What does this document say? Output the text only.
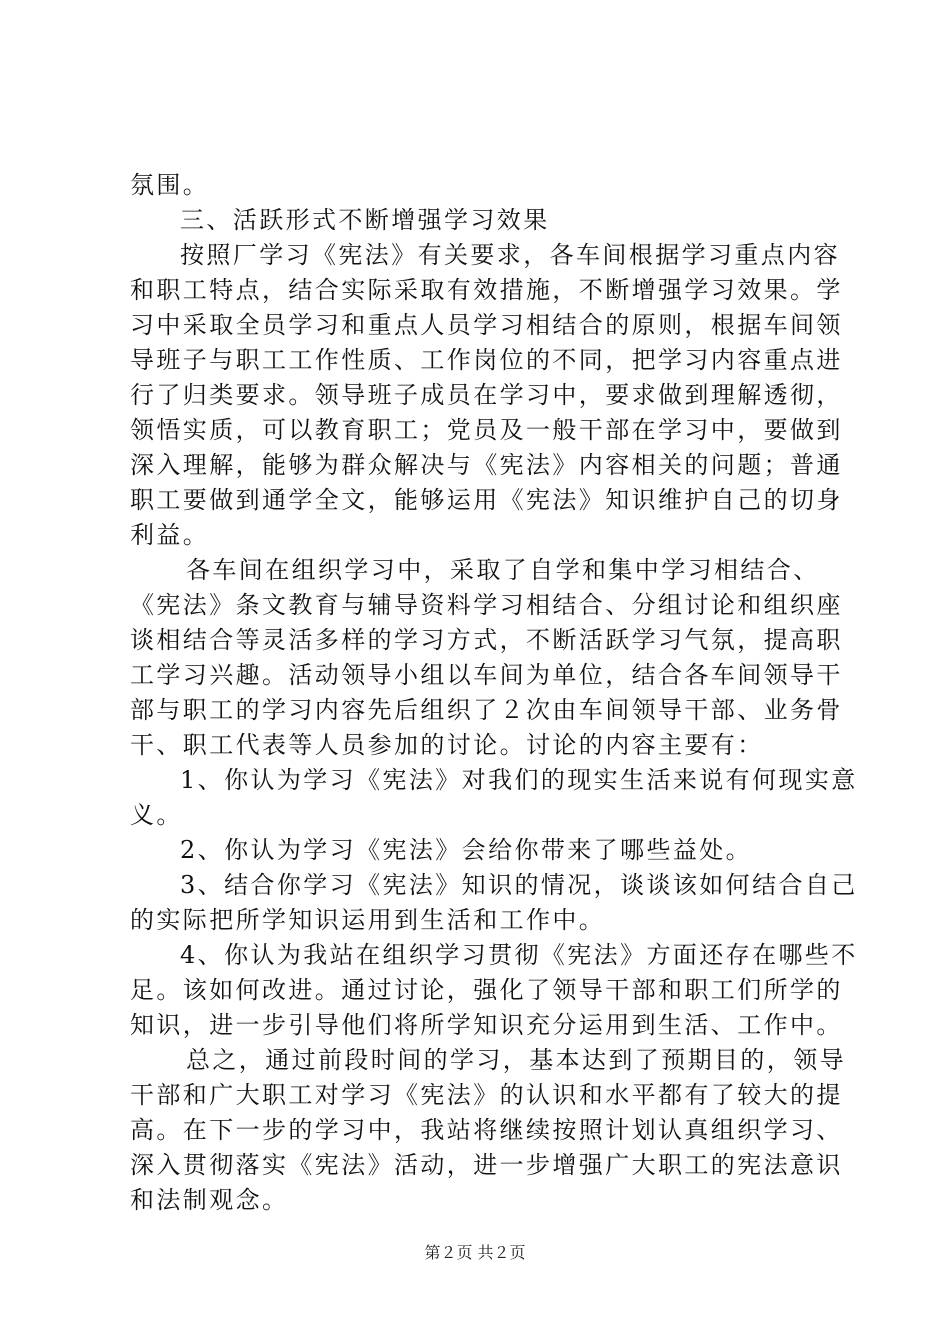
氛围。
三、活跃形式不断增强学习效果
按照厂学习《宪法》有关要求，各车间根据学习重点内容
和职工特点，结合实际采取有效措施，不断增强学习效果。学
习中采取全员学习和重点人员学习相结合的原则，根据车间领
导班子与职工工作性质、工作岗位的不同，把学习内容重点进
行了归类要求。领导班子成员在学习中，要求做到理解透彻，
领悟实质，可以教育职工；党员及一般干部在学习中，要做到
深入理解，能够为群众解决与《宪法》内容相关的问题；普通
职工要做到通学全文，能够运用《宪法》知识维护自己的切身
利益。
各车间在组织学习中，采取了自学和集中学习相结合、
《宪法》条文教育与辅导资料学习相结合、分组讨论和组织座
谈相结合等灵活多样的学习方式，不断活跃学习气氛，提高职
工学习兴趣。活动领导小组以车间为单位，结合各车间领导干
部与职工的学习内容先后组织了２次由车间领导干部、业务骨
干、职工代表等人员参加的讨论。讨论的内容主要有：
1、你认为学习《宪法》对我们的现实生活来说有何现实意
义。
2、你认为学习《宪法》会给你带来了哪些益处。
3、结合你学习《宪法》知识的情况，谈谈该如何结合自己
的实际把所学知识运用到生活和工作中。
4、你认为我站在组织学习贯彻《宪法》方面还存在哪些不
足。该如何改进。通过讨论，强化了领导干部和职工们所学的
知识，进一步引导他们将所学知识充分运用到生活、工作中。
总之，通过前段时间的学习，基本达到了预期目的，领导
干部和广大职工对学习《宪法》的认识和水平都有了较大的提
高。在下一步的学习中，我站将继续按照计划认真组织学习、
深入贯彻落实《宪法》活动，进一步增强广大职工的宪法意识
和法制观念。
第２页 共２页
